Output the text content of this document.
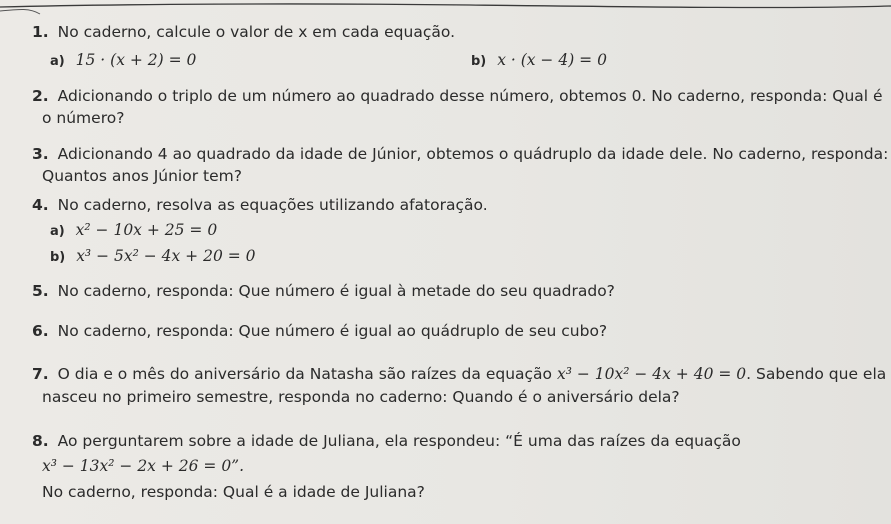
1. No caderno, calcule o valor de x em cada equação.
a) 15 · (x + 2) = 0	b) x · (x − 4) = 0
2. Adicionando o triplo de um número ao quadrado desse número, obtemos 0. No caderno, responda: Qual é
o número?
3. Adicionando 4 ao quadrado da idade de Júnior, obtemos o quádruplo da idade dele. No caderno, responda:
Quantos anos Júnior tem?
4. No caderno, resolva as equações utilizando afatoração.
a) x² − 10x + 25 = 0
b) x³ − 5x² − 4x + 20 = 0
5. No caderno, responda: Que número é igual à metade do seu quadrado?
6. No caderno, responda: Que número é igual ao quádruplo de seu cubo?
7. O dia e o mês do aniversário da Natasha são raízes da equação x³ − 10x² − 4x + 40 = 0. Sabendo que ela
nasceu no primeiro semestre, responda no caderno: Quando é o aniversário dela?
8. Ao perguntarem sobre a idade de Juliana, ela respondeu: “É uma das raízes da equação
x³ − 13x² − 2x + 26 = 0”.
No caderno, responda: Qual é a idade de Juliana?
